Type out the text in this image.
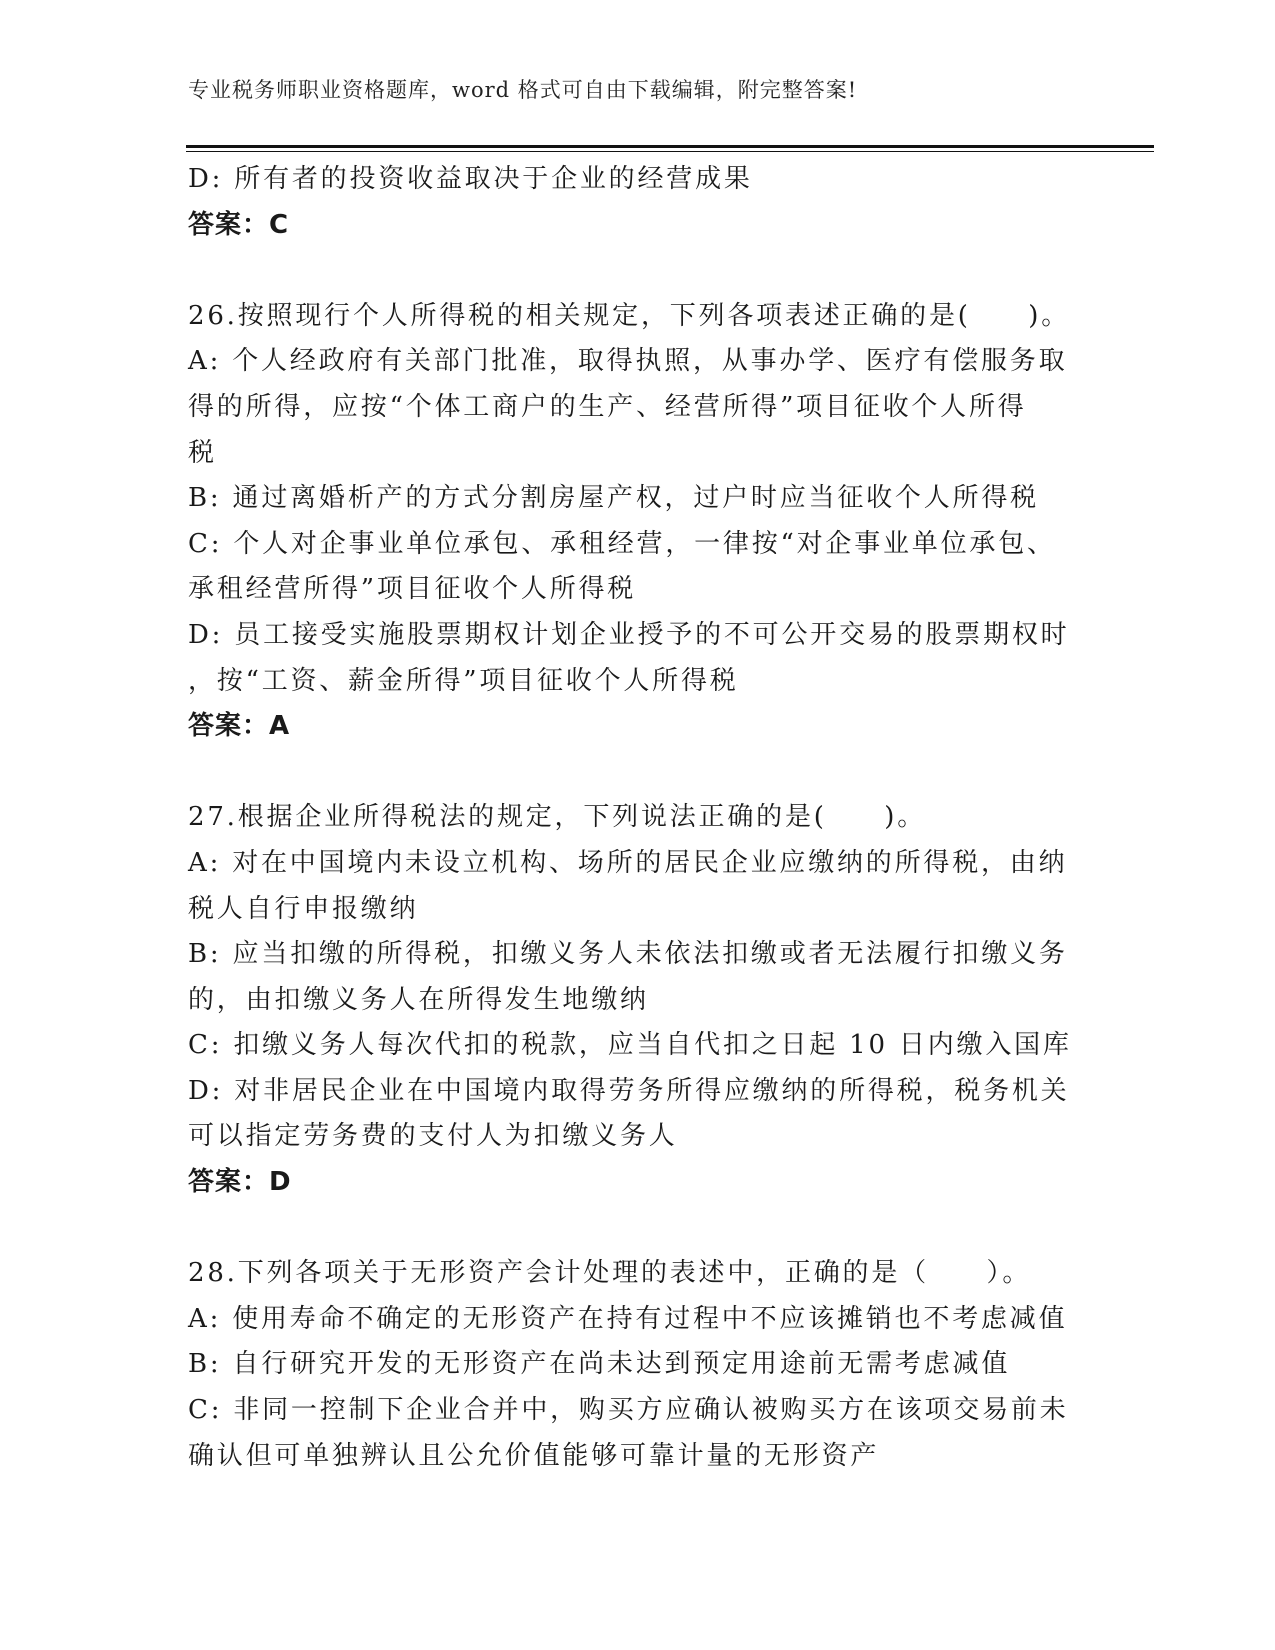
专业税务师职业资格题库，word 格式可自由下载编辑，附完整答案!
D: 所有者的投资收益取决于企业的经营成果
答案：C
26.按照现行个人所得税的相关规定，下列各项表述正确的是(　　)。
A: 个人经政府有关部门批准，取得执照，从事办学、医疗有偿服务取
得的所得，应按“个体工商户的生产、经营所得”项目征收个人所得
税
B: 通过离婚析产的方式分割房屋产权，过户时应当征收个人所得税
C: 个人对企事业单位承包、承租经营，一律按“对企事业单位承包、
承租经营所得”项目征收个人所得税
D: 员工接受实施股票期权计划企业授予的不可公开交易的股票期权时
，按“工资、薪金所得”项目征收个人所得税
答案：A
27.根据企业所得税法的规定，下列说法正确的是(　　)。
A: 对在中国境内未设立机构、场所的居民企业应缴纳的所得税，由纳
税人自行申报缴纳
B: 应当扣缴的所得税，扣缴义务人未依法扣缴或者无法履行扣缴义务
的，由扣缴义务人在所得发生地缴纳
C: 扣缴义务人每次代扣的税款，应当自代扣之日起 10 日内缴入国库
D: 对非居民企业在中国境内取得劳务所得应缴纳的所得税，税务机关
可以指定劳务费的支付人为扣缴义务人
答案：D
28.下列各项关于无形资产会计处理的表述中，正确的是（　　）。
A: 使用寿命不确定的无形资产在持有过程中不应该摊销也不考虑减值
B: 自行研究开发的无形资产在尚未达到预定用途前无需考虑减值
C: 非同一控制下企业合并中，购买方应确认被购买方在该项交易前未
确认但可单独辨认且公允价值能够可靠计量的无形资产
